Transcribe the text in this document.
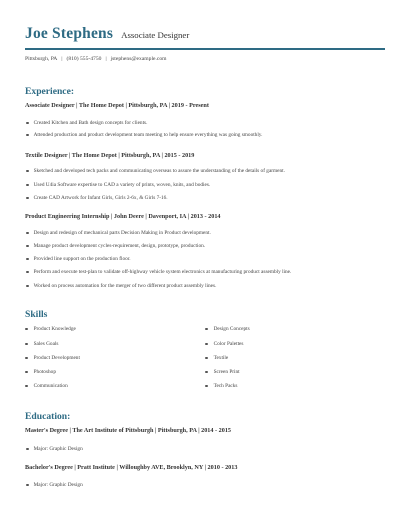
Joe Stephens Associate Designer
Pittsburgh, PA | (810) 555-4750 | jstephens@example.com
Experience:
Associate Designer | The Home Depot | Pittsburgh, PA | 2019 - Present
Created Kitchen and Bath design concepts for clients.
Attended production and product development team meeting to help ensure everything was going smoothly.
Textile Designer | The Home Depot | Pittsburgh, PA | 2015 - 2019
Sketched and developed tech packs and communicating overseas to assure the understanding of the details of garment.
Used U4ia Software expertise to CAD a variety of prints, woven, knits, and bodies.
Create CAD Artwork for Infant Girls, Girls 2-6x, & Girls 7-16.
Product Engineering Internship | John Deere | Davenport, IA | 2013 - 2014
Design and redesign of mechanical parts Decision Making in Product development.
Manage product development cycles-requirement, design, prototype, production.
Provided line support on the production floor.
Perform and execute test-plan to validate off-highway vehicle system electronics at manufacturing product assembly line.
Worked on process automation for the merger of two different product assembly lines.
Skills
Product Knowledge
Sales Goals
Product Development
Photoshop
Communication
Design Concepts
Color Palettes
Textile
Screen Print
Tech Packs
Education:
Master's Degree | The Art Institute of Pittsburgh | Pittsburgh, PA | 2014 - 2015
Major: Graphic Design
Bachelor's Degree | Pratt Institute | Willoughby AVE, Brooklyn, NY | 2010 - 2013
Major: Graphic Design
